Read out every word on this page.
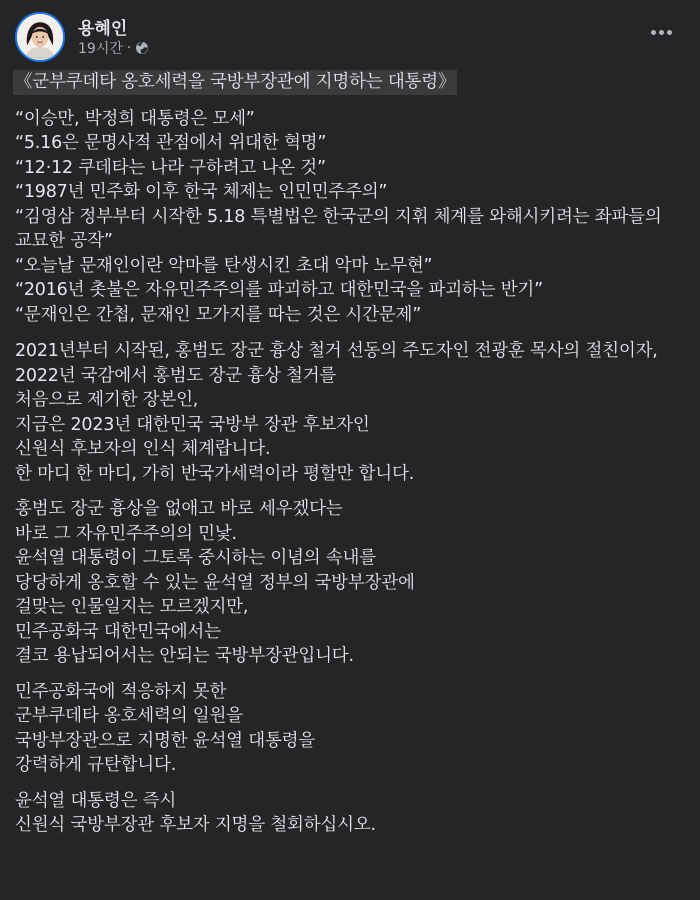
용혜인
19시간 ·
《군부쿠데타 옹호세력을 국방부장관에 지명하는 대통령》
“이승만, 박정희 대통령은 모세”
“5.16은 문명사적 관점에서 위대한 혁명”
“12·12 쿠데타는 나라 구하려고 나온 것”
“1987년 민주화 이후 한국 체제는 인민민주주의”
“김영삼 정부부터 시작한 5.18 특별법은 한국군의 지휘 체계를 와해시키려는 좌파들의
교묘한 공작”
“오늘날 문재인이란 악마를 탄생시킨 초대 악마 노무현”
“2016년 촛불은 자유민주주의를 파괴하고 대한민국을 파괴하는 반기”
“문재인은 간첩, 문재인 모가지를 따는 것은 시간문제”
2021년부터 시작된, 홍범도 장군 흉상 철거 선동의 주도자인 전광훈 목사의 절친이자,
2022년 국감에서 홍범도 장군 흉상 철거를
처음으로 제기한 장본인,
지금은 2023년 대한민국 국방부 장관 후보자인
신원식 후보자의 인식 체계랍니다.
한 마디 한 마디, 가히 반국가세력이라 평할만 합니다.
홍범도 장군 흉상을 없애고 바로 세우겠다는
바로 그 자유민주주의의 민낯.
윤석열 대통령이 그토록 중시하는 이념의 속내를
당당하게 옹호할 수 있는 윤석열 정부의 국방부장관에
걸맞는 인물일지는 모르겠지만,
민주공화국 대한민국에서는
결코 용납되어서는 안되는 국방부장관입니다.
민주공화국에 적응하지 못한
군부쿠데타 옹호세력의 일원을
국방부장관으로 지명한 윤석열 대통령을
강력하게 규탄합니다.
윤석열 대통령은 즉시
신원식 국방부장관 후보자 지명을 철회하십시오.
